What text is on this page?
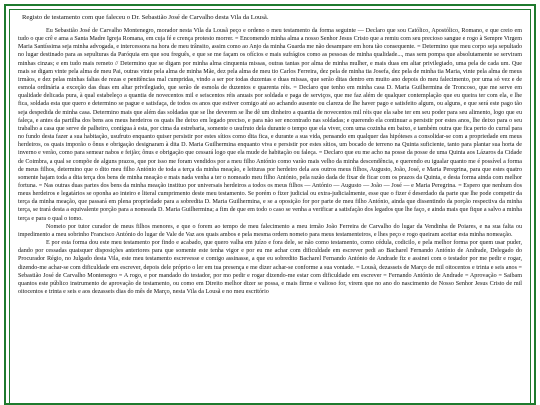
Registo de testamento com que faleceu o Dr. Sebastião José de Carvalho desta Vila da Lousã.

Eu Sebastião José de Carvalho Montenegro, morador nesta Vila da Lousã peço e ordeno o meu testamento da forma seguinte — Declaro que sou Católico, Apostólico, Romano, e que creio em tudo o que crê e ama a Santa Madre Igreja Romana, em cuja fé e crença protesto morrer. = Encomendo minha alma a nosso Senhor Jesus Cristo que a remiu com seu precioso sangue e rogo à Sempre Virgem Maria Santíssima seja minha advogada, e intercessora na hora de meu trânsito, assim como ao Anjo da minha Guarda me não desampare em hora tão consequente. = Determino que meu corpo seja sepultado no lugar destinado para as sepulturas da Paróquia em que sou freguês, e que se me façam os ofícios e mais sufrágios como as pessoas de minha qualidade..., mas sem pompa que absolutamente se serviram minhas cinzas; e em tudo mais remeto // Determino que se digam por minha alma cinquenta missas, outras tantas por alma de minha mulher, e mais duas em altar privilegiado, uma pela de cada um. Que mais se digam vinte pela alma de meu Pai, outras vinte pela alma de minha Mãe, dez pela alma de meu tio Carlos Ferreira, dez pela de minha tia Josefa, dez pela de minha tia Maria, vinte pela alma de meus irmãos, e dez pelas minhas faltas de rezas e penitências mal cumpridas, vindo a ser por todas duzentas e duas missas, que serão ditas dentro em muito ano depois do meu falecimento, por uma só vez e de esmola ordinária a exceção das duas em altar privilegiado, que serão de esmola de duzentos e quarenta réis. = Declaro que tenho em minha casa D. Maria Guilhermina de Troncoso, que me serve em qualidade delicada pura, à qual estabeleço a quantia de novecentos mil e seiscentos réis anuais por soldada e paga de serviços, que me faz além de qualquer contemplação que eu queira ter com ela, e lhe fica, soldada esta que quero e determino se pague e satisfaça, de todos os anos que estiver comigo até ao achando ausente ou clareza de lhe haver pago e satisfeito algum, ou alguns, e que será este pago tão seja despedida de minha casa. Determino mais que além das soldadas que se lhe deverem se lhe dê um dinheiro a quantia de novecentos mil réis que ela sabe ter em seu poder para seu alimento, logo que eu faleça, e antes da partilha dos bens aos meus herdeiros os quais lhe deixo em legado preciso, e para não ser encontrado nas soldadas; e querendo ela continuar a persistir por estes anos, lhe deixo para o seu trabalho a casa que serve de palheiro, contígua à esta, por cima da estrebaria, somente o usufruto dela durante o tempo que ela viver, com uma cozinha em baixo, e também outra que fica perto do curral para no fundo desta fazer a sua habitação, usufruto enquanto quiser persistir por estes sítios como dita fica, e durante a sua vida, pensando em qualquer das hipóteses a consolidar-se com a propriedade em meus herdeiros, os quais imporão o ônus e obrigação designaram à dita D. Maria Guilhermina enquanto viva e persistir por estes sítios, um bocado de terreno na Quinta suficiente, tanto para plantar sua horta de inverno e verão, como para semear nabos e feijão; ônus e obrigação que cessará logo que ela mude de habitação ou faleça. = Declaro que eu me acho na posse da posse de uma Quinta aos Lázaros da Cidade de Coimbra, a qual se compõe de alguns prazos, que por isso me foram vendidos por a meu filho António como varão mais velho da minha descendência, e querendo eu igualar quanto me é possível a forma de meus filhos, determino que o dito meu filho António de toda a terça da minha meação, e leituras por herdeiro dela aos outros meus filhos, Augusto, João, José, e Maria Peregrina, para que estes quatro somente hajam toda a dita terça dos bens de minha meação e mais nada venha a ter o nomeado meu filho António, pela razão dada de fixar de ficar com os prazos da Quinta, e desta forma ainda com melhor fortuna. = Nas outras duas partes dos bens da minha meação instituo por universais herdeiros a todos os meus filhos — António — Augusto — João — José — e Maria Peregrina. = Espero que nenhum dos meus herdeiros e legatários se oponha ao inteiro e literal cumprimento deste meu testamento. Se porém o fizer judicial ou extra-judicialmente, esse que o fizer é deserdado da parte que lhe pode competir da terça da minha meação, que passará em plena propriedade para a sobredita D. Maria Guilhermina, e se a oposição for por parte de meu filho António, ainda que dissentindo da porção respectiva da minha terça, se trará desta a equivalente porção para a nomeada D. Maria Guilhermina; a fim de que em todo o caso se venha a verificar a satisfação dos legados que lhe faço, e ainda mais que fique a salvo a minha terça e para o qual o tomo.

Nomeio por tutor curador de meus filhos menores, e que o forem ao tempo de meu falecimento a meu irmão João Ferreira de Carvalho do lugar da Vendinha de Poiares, e na sua falta ou impedimento a meu sobrinho Francisco António do lugar de Vale de Vaz aos quais ambos e pela mesma ordem nomeio para meus testamenteiros, e lhes peço e rogo queiram aceitar esta minha nomeação.

E por esta forma dou este meu testamento por findo e acabado, que quero valha em juízo e fora dele, se não como testamento, como cédula, codicilo, e pela melhor forma por quem usar puder, dando por cessadas quaisquer disposições anteriores para que somente este tenha vigor e por eu me achar com dificuldade em escrever pedi ao Bacharel Fernando António de Andrade, Delegado do Procurador Régio, no Julgado desta Vila, este meu testamento escrevesse e comigo assinasse, a que eu sobredito Bacharel Fernando António de Andrade fiz e assinei com o testador por me pedir e rogar, dizendo-me achar-se com dificuldade em escrever, depois dele próprio o ler em tua presença e me dizer achar-se conforme a sua vontade. = Lousã, dezasseis de Março de mil oitocentos e trinta e seis anos = Sebastião José de Carvalho Montenegro = A rogo, e por mandado do testador, por mo pedir e rogar dizendo-me estar com dificuldade em escrever = Fernando António de Andrade = Aprovação = Saibam quantos este público instrumento de aprovação de testamento, ou como em Direito melhor dizer se possa, e mais firme e valioso for, virem que no ano do nascimento de Nosso Senhor Jesus Cristo de mil oitocentos e trinta e seis e aos dezasseis dias do mês de Março, nesta Vila da Lousã e no meu escritório
